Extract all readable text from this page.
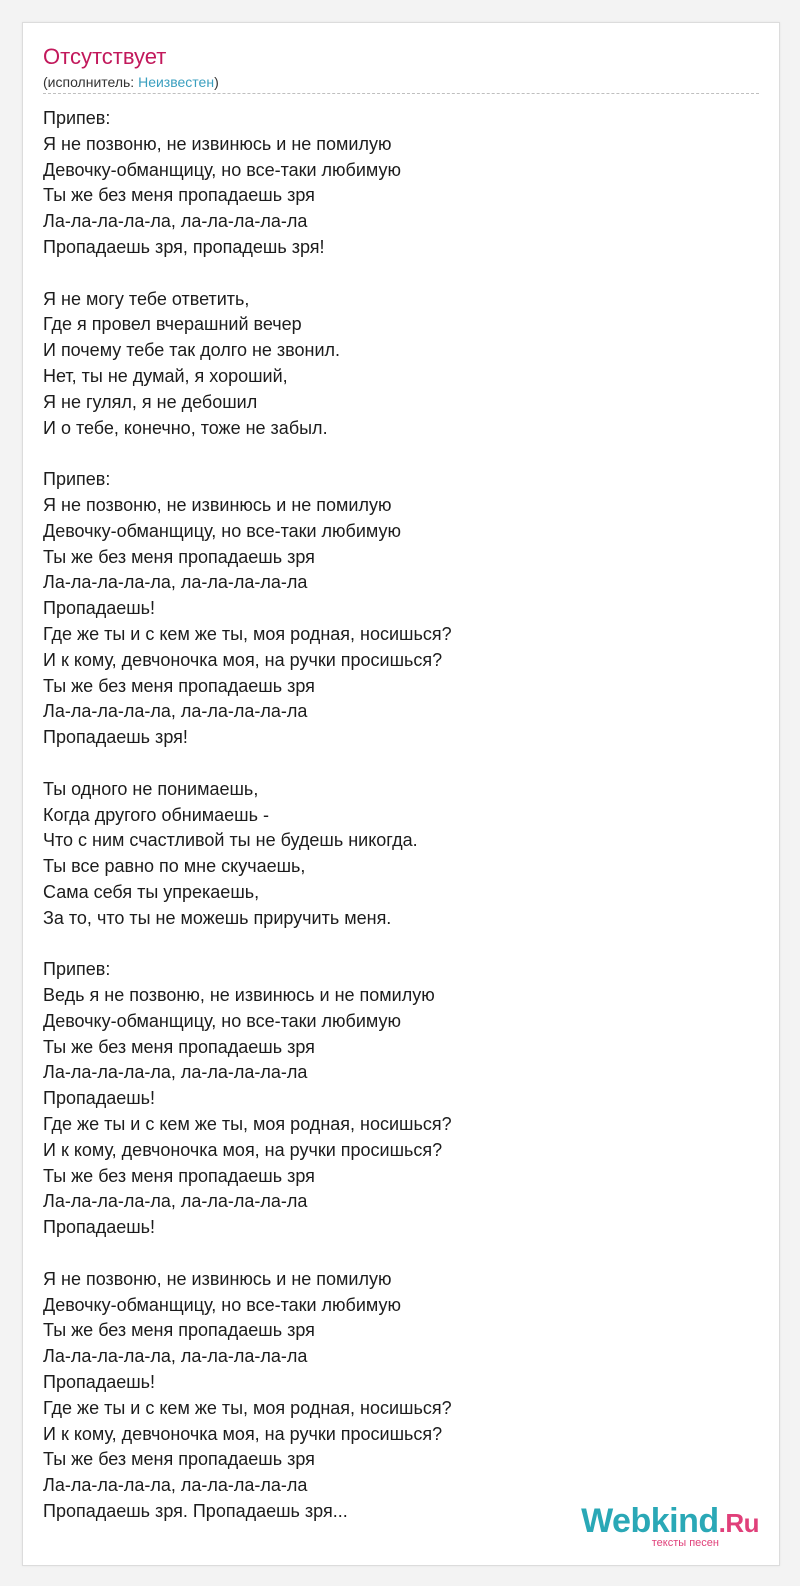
Отсутствует
(исполнитель: Неизвестен)
Припев:
Я не позвоню, не извинюсь и не помилую
Девочку-обманщицу, но все-таки любимую
Ты же без меня пропадаешь зря
Ла-ла-ла-ла-ла, ла-ла-ла-ла-ла
Пропадаешь зря, пропадешь зря!
Я не могу тебе ответить,
Где я провел вчерашний вечер
И почему тебе так долго не звонил.
Нет, ты не думай, я хороший,
Я не гулял, я не дебошил
И о тебе, конечно, тоже не забыл.
Припев:
Я не позвоню, не извинюсь и не помилую
Девочку-обманщицу, но все-таки любимую
Ты же без меня пропадаешь зря
Ла-ла-ла-ла-ла, ла-ла-ла-ла-ла
Пропадаешь!
Где же ты и с кем же ты, моя родная, носишься?
И к кому, девчоночка моя, на ручки просишься?
Ты же без меня пропадаешь зря
Ла-ла-ла-ла-ла, ла-ла-ла-ла-ла
Пропадаешь зря!
Ты одного не понимаешь,
Когда другого обнимаешь -
Что с ним счастливой ты не будешь никогда.
Ты все равно по мне скучаешь,
Сама себя ты упрекаешь,
За то, что ты не можешь приручить меня.
Припев:
Ведь я не позвоню, не извинюсь и не помилую
Девочку-обманщицу, но все-таки любимую
Ты же без меня пропадаешь зря
Ла-ла-ла-ла-ла, ла-ла-ла-ла-ла
Пропадаешь!
Где же ты и с кем же ты, моя родная, носишься?
И к кому, девчоночка моя, на ручки просишься?
Ты же без меня пропадаешь зря
Ла-ла-ла-ла-ла, ла-ла-ла-ла-ла
Пропадаешь!
Я не позвоню, не извинюсь и не помилую
Девочку-обманщицу, но все-таки любимую
Ты же без меня пропадаешь зря
Ла-ла-ла-ла-ла, ла-ла-ла-ла-ла
Пропадаешь!
Где же ты и с кем же ты, моя родная, носишься?
И к кому, девчоночка моя, на ручки просишься?
Ты же без меня пропадаешь зря
Ла-ла-ла-ла-ла, ла-ла-ла-ла-ла
Пропадаешь зря. Пропадаешь зря...	Webkind.Ru
тексты песен
